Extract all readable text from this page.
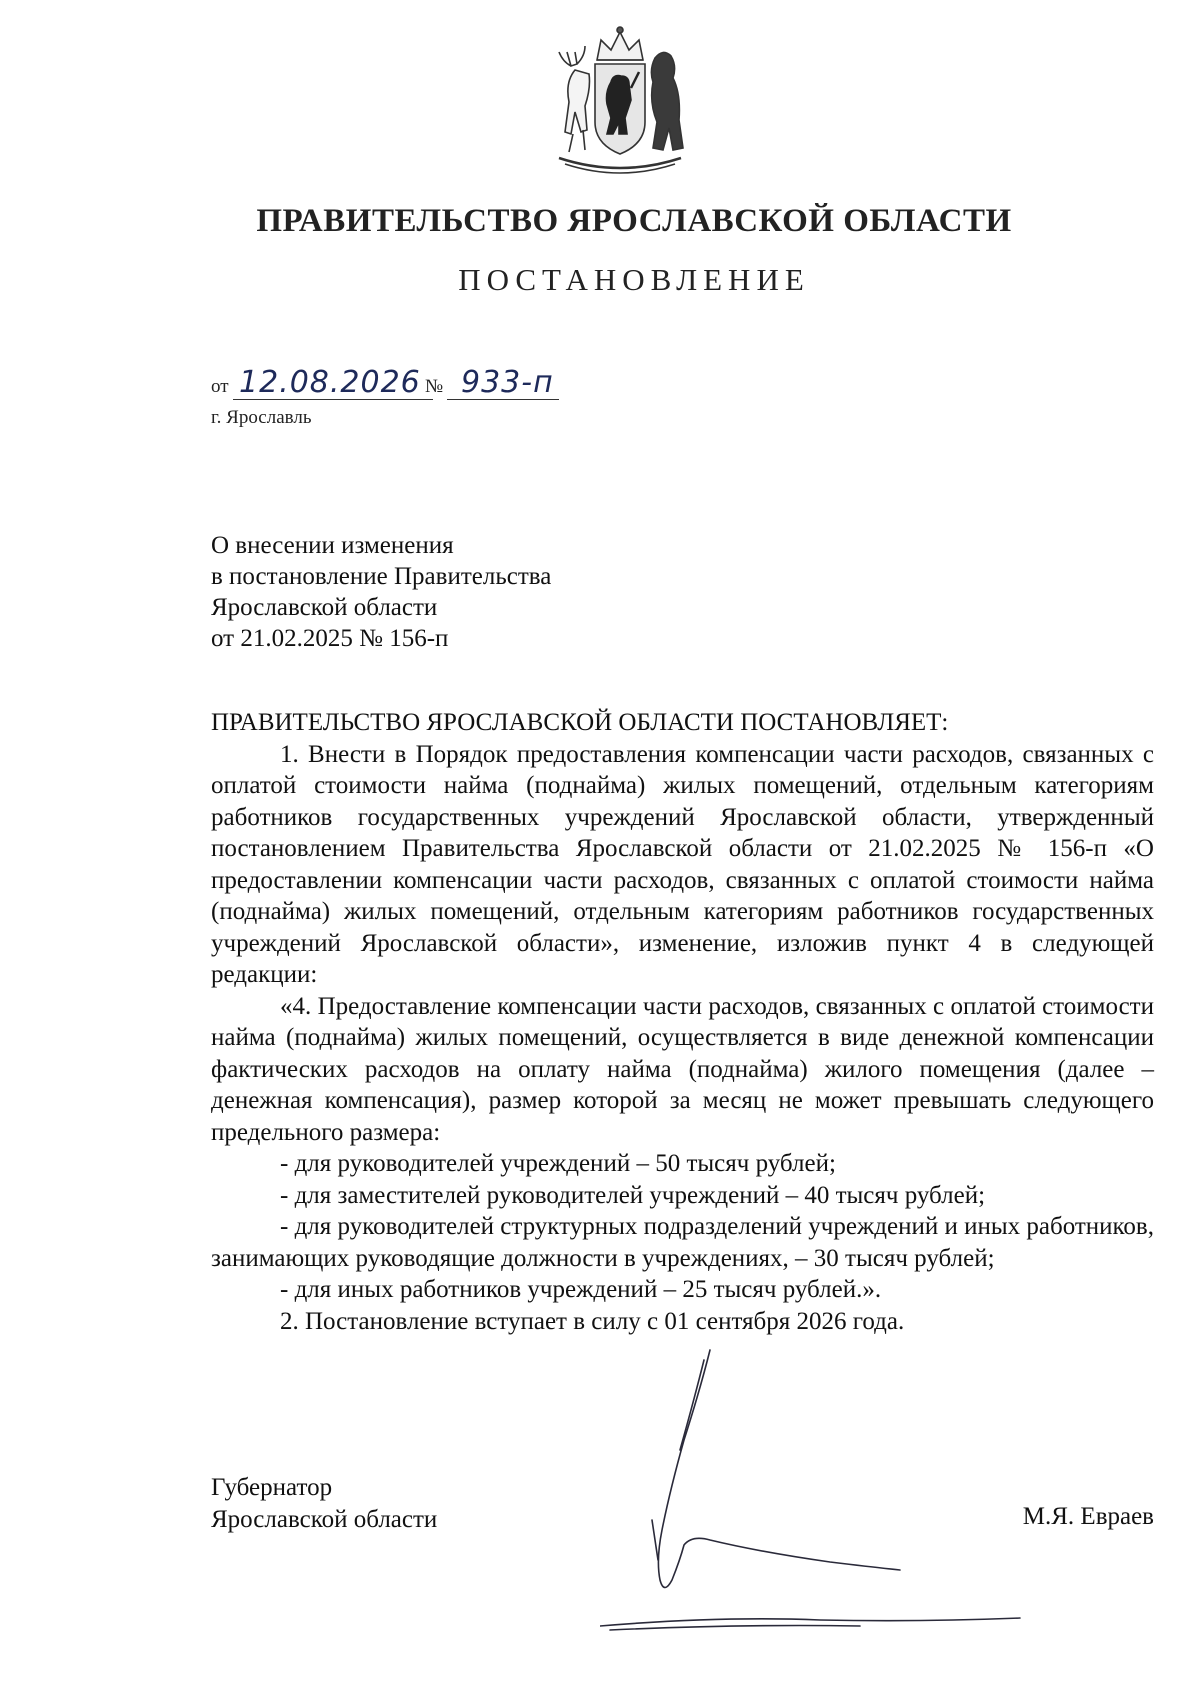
ПРАВИТЕЛЬСТВО ЯРОСЛАВСКОЙ ОБЛАСТИ
ПОСТАНОВЛЕНИЕ
от 12.08.2026 № 933-п
г. Ярославль
О внесении изменения
в постановление Правительства
Ярославской области
от 21.02.2025 № 156-п

ПРАВИТЕЛЬСТВО ЯРОСЛАВСКОЙ ОБЛАСТИ ПОСТАНОВЛЯЕТ:

1. Внести в Порядок предоставления компенсации части расходов, связанных с оплатой стоимости найма (поднайма) жилых помещений, отдельным категориям работников государственных учреждений Ярославской области, утвержденный постановлением Правительства Ярославской области от 21.02.2025 № 156-п «О предоставлении компенсации части расходов, связанных с оплатой стоимости найма (поднайма) жилых помещений, отдельным категориям работников государственных учреждений Ярославской области», изменение, изложив пункт 4 в следующей редакции:

«4. Предоставление компенсации части расходов, связанных с оплатой стоимости найма (поднайма) жилых помещений, осуществляется в виде денежной компенсации фактических расходов на оплату найма (поднайма) жилого помещения (далее – денежная компенсация), размер которой за месяц не может превышать следующего предельного размера:

- для руководителей учреждений – 50 тысяч рублей;

- для заместителей руководителей учреждений – 40 тысяч рублей;

- для руководителей структурных подразделений учреждений и иных работников, занимающих руководящие должности в учреждениях, – 30 тысяч рублей;

- для иных работников учреждений – 25 тысяч рублей.».

2. Постановление вступает в силу с 01 сентября 2026 года.

Губернатор
Ярославской области	М.Я. Евраев
